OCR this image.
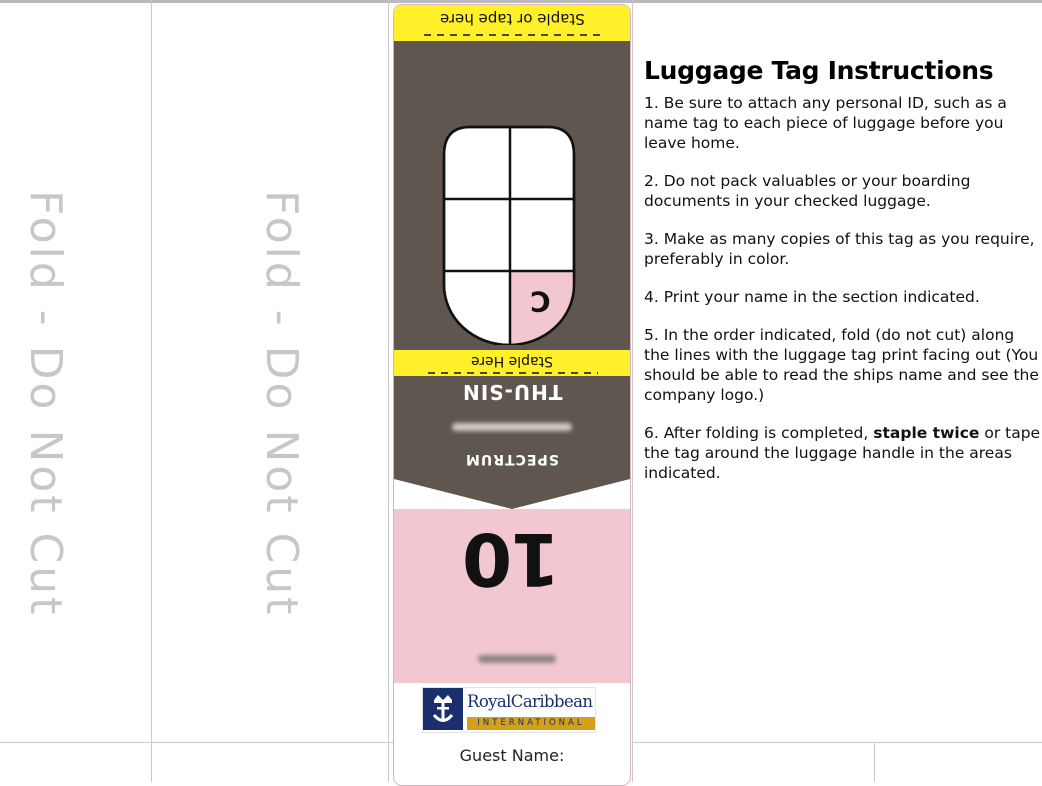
Fold - Do Not Cut	Fold - Do Not Cut
Staple or tape here
C
Staple Here
THU-SIN
SPECTRUM
10
RoyalCaribbean
INTERNATIONAL
Guest Name:
Luggage Tag Instructions

1. Be sure to attach any personal ID, such as a name tag to each piece of luggage before you leave home.

2. Do not pack valuables or your boarding documents in your checked luggage.

3. Make as many copies of this tag as you require, preferably in color.

4. Print your name in the section indicated.

5. In the order indicated, fold (do not cut) along the lines with the luggage tag print facing out (You should be able to read the ships name and see the company logo.)

6. After folding is completed, staple twice or tape the tag around the luggage handle in the areas indicated.
